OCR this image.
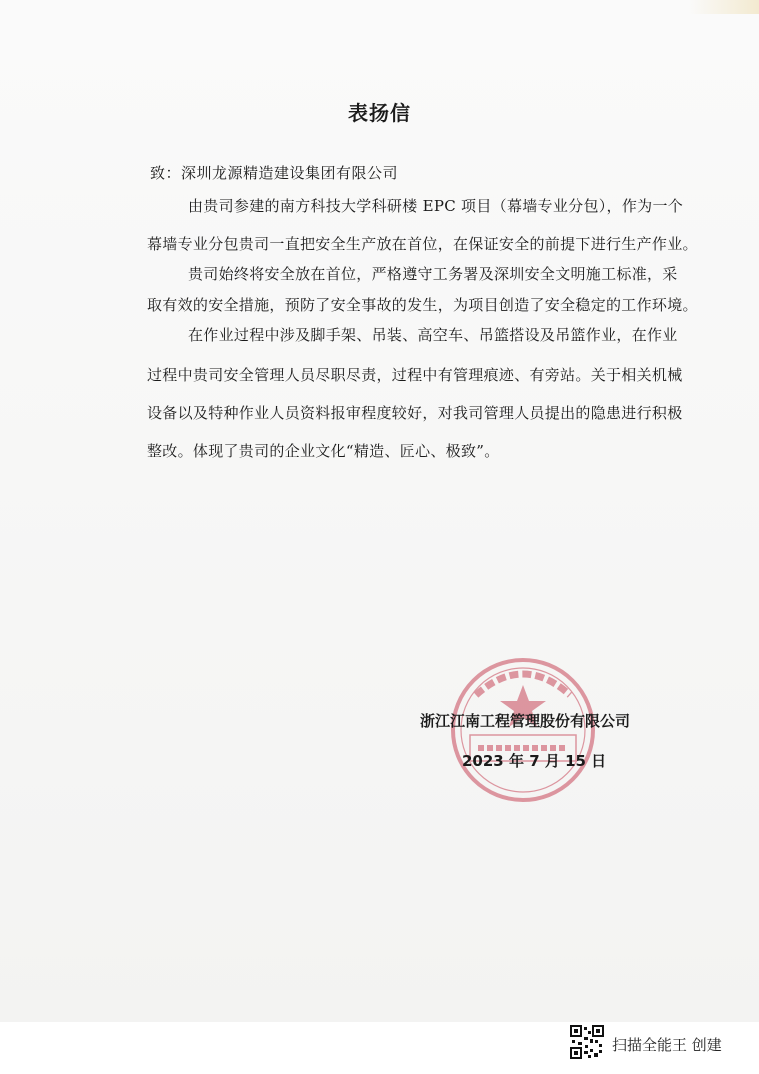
表扬信
致：深圳龙源精造建设集团有限公司
由贵司参建的南方科技大学科研楼 EPC 项目（幕墙专业分包），作为一个
幕墙专业分包贵司一直把安全生产放在首位，在保证安全的前提下进行生产作业。
贵司始终将安全放在首位，严格遵守工务署及深圳安全文明施工标准，采
取有效的安全措施，预防了安全事故的发生，为项目创造了安全稳定的工作环境。
在作业过程中涉及脚手架、吊装、高空车、吊篮搭设及吊篮作业，在作业
过程中贵司安全管理人员尽职尽责，过程中有管理痕迹、有旁站。关于相关机械
设备以及特种作业人员资料报审程度较好，对我司管理人员提出的隐患进行积极
整改。体现了贵司的企业文化“精造、匠心、极致”。
浙江江南工程管理股份有限公司
2023 年 7 月 15 日
扫描全能王 创建
